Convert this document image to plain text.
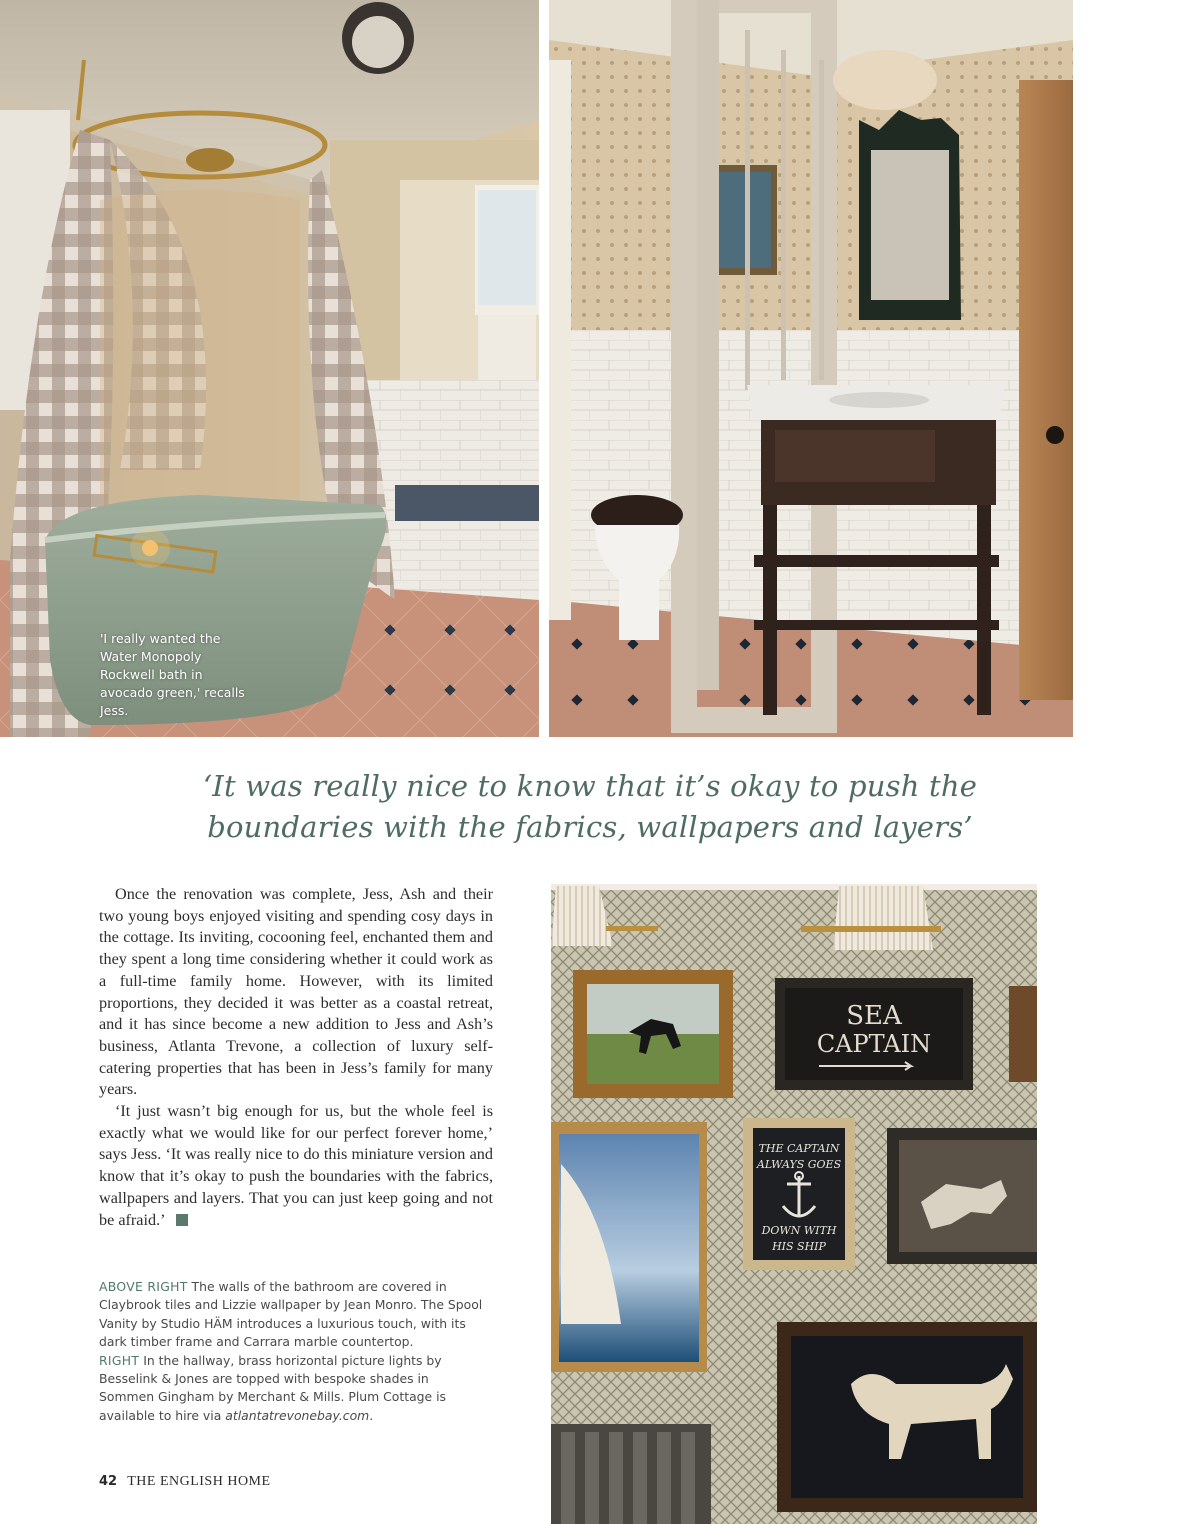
'I really wanted the Water Monopoly Rockwell bath in avocado green,' recalls Jess.
‘It was really nice to know that it’s okay to push the
boundaries with the fabrics, wallpapers and layers’

Once the renovation was complete, Jess, Ash and their two young boys enjoyed visiting and spending cosy days in the cottage. Its inviting, cocooning feel, enchanted them and they spent a long time considering whether it could work as a full-time family home. However, with its limited proportions, they decided it was better as a coastal retreat, and it has since become a new addition to Jess and Ash’s business, Atlanta Trevone, a collection of luxury self-catering properties that has been in Jess’s family for many years.

‘It just wasn’t big enough for us, but the whole feel is exactly what we would like for our perfect forever home,’ says Jess. ‘It was really nice to do this miniature version and know that it’s okay to push the boundaries with the fabrics, wallpapers and layers. That you can just keep going and not be afraid.’

ABOVE RIGHT The walls of the bathroom are covered in Claybrook tiles and Lizzie wallpaper by Jean Monro. The Spool Vanity by Studio HÄM introduces a luxurious touch, with its dark timber frame and Carrara marble countertop.

RIGHT In the hallway, brass horizontal picture lights by Besselink & Jones are topped with bespoke shades in Sommen Gingham by Merchant & Mills. Plum Cottage is available to hire via atlantatrevonebay.com.

SEA
CAPTAIN
THE CAPTAIN
ALWAYS GOES
DOWN WITH
HIS SHIP
42 THE ENGLISH HOME
